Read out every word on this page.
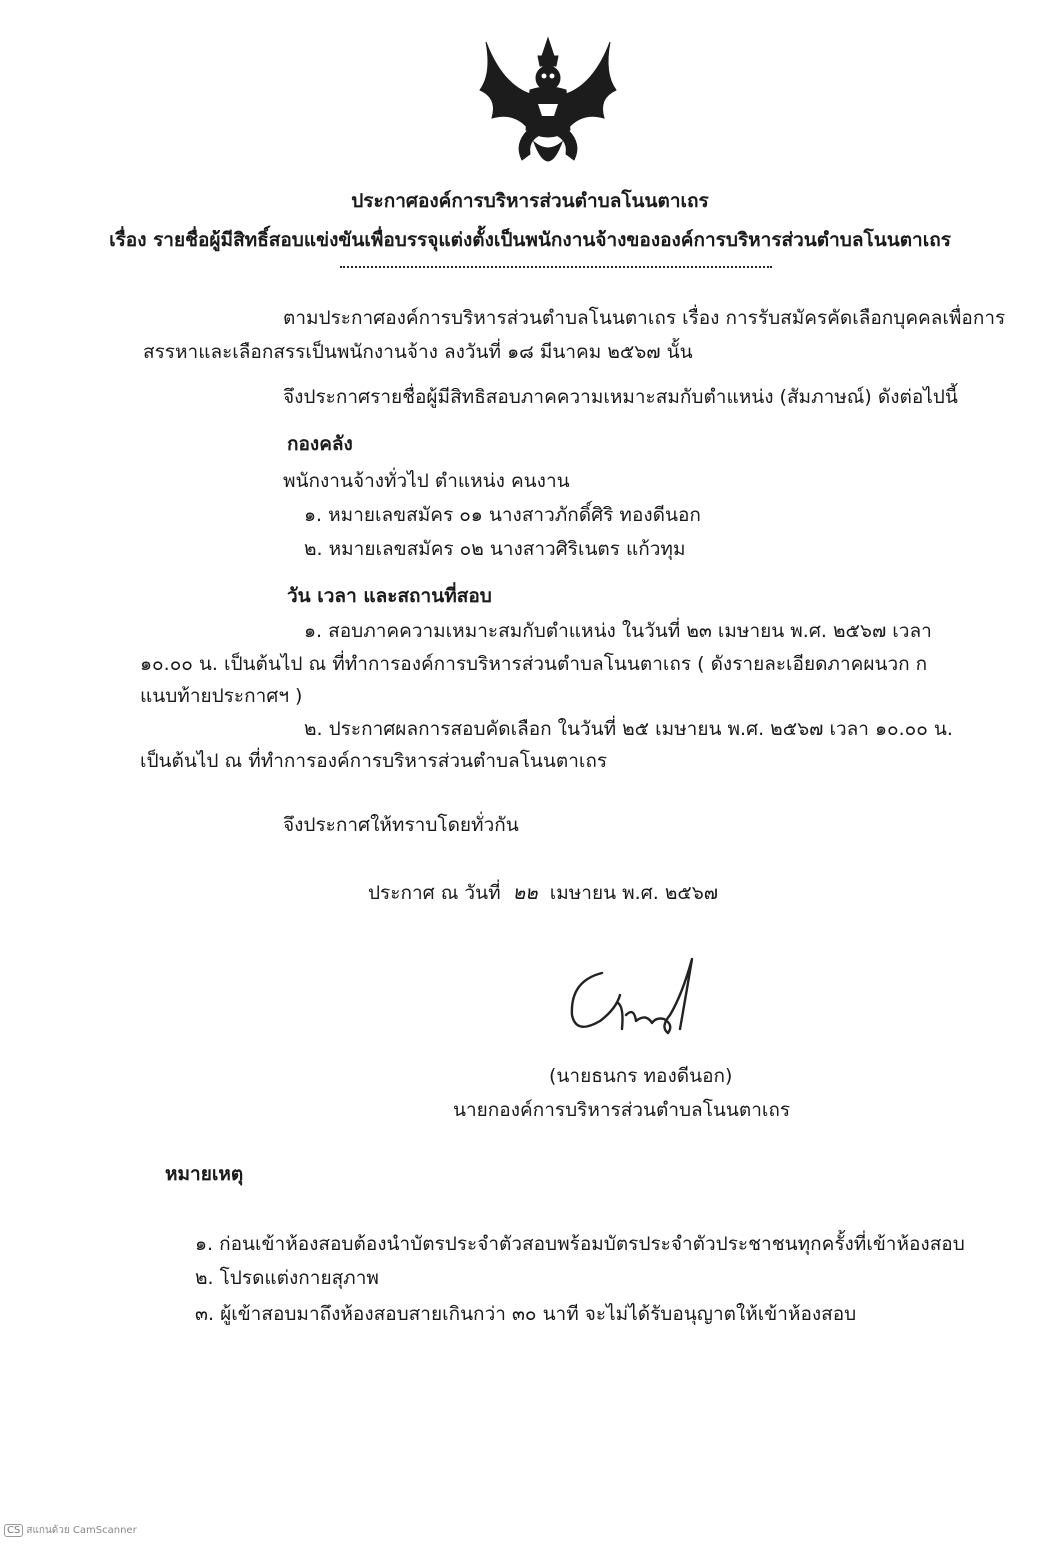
ประกาศองค์การบริหารส่วนตำบลโนนตาเถร
เรื่อง รายชื่อผู้มีสิทธิ์สอบแข่งขันเพื่อบรรจุแต่งตั้งเป็นพนักงานจ้างขององค์การบริหารส่วนตำบลโนนตาเถร
ตามประกาศองค์การบริหารส่วนตำบลโนนตาเถร เรื่อง การรับสมัครคัดเลือกบุคคลเพื่อการ
สรรหาและเลือกสรรเป็นพนักงานจ้าง ลงวันที่ ๑๘ มีนาคม ๒๕๖๗ นั้น
จึงประกาศรายชื่อผู้มีสิทธิสอบภาคความเหมาะสมกับตำแหน่ง (สัมภาษณ์) ดังต่อไปนี้
กองคลัง
พนักงานจ้างทั่วไป ตำแหน่ง คนงาน
๑. หมายเลขสมัคร ๐๑ นางสาวภักดิ์ศิริ ทองดีนอก
๒. หมายเลขสมัคร ๐๒ นางสาวศิริเนตร แก้วทุม
วัน เวลา และสถานที่สอบ
๑. สอบภาคความเหมาะสมกับตำแหน่ง ในวันที่ ๒๓ เมษายน พ.ศ. ๒๕๖๗ เวลา
๑๐.๐๐ น. เป็นต้นไป ณ ที่ทำการองค์การบริหารส่วนตำบลโนนตาเถร ( ดังรายละเอียดภาคผนวก ก
แนบท้ายประกาศฯ )
๒. ประกาศผลการสอบคัดเลือก ในวันที่ ๒๕ เมษายน พ.ศ. ๒๕๖๗ เวลา ๑๐.๐๐ น.
เป็นต้นไป ณ ที่ทำการองค์การบริหารส่วนตำบลโนนตาเถร
จึงประกาศให้ทราบโดยทั่วกัน
ประกาศ ณ วันที่ ๒๒ เมษายน พ.ศ. ๒๕๖๗
(นายธนกร ทองดีนอก)
นายกองค์การบริหารส่วนตำบลโนนตาเถร
หมายเหตุ
๑. ก่อนเข้าห้องสอบต้องนำบัตรประจำตัวสอบพร้อมบัตรประจำตัวประชาชนทุกครั้งที่เข้าห้องสอบ
๒. โปรดแต่งกายสุภาพ
๓. ผู้เข้าสอบมาถึงห้องสอบสายเกินกว่า ๓๐ นาที จะไม่ได้รับอนุญาตให้เข้าห้องสอบ
CS สแกนด้วย CamScanner
